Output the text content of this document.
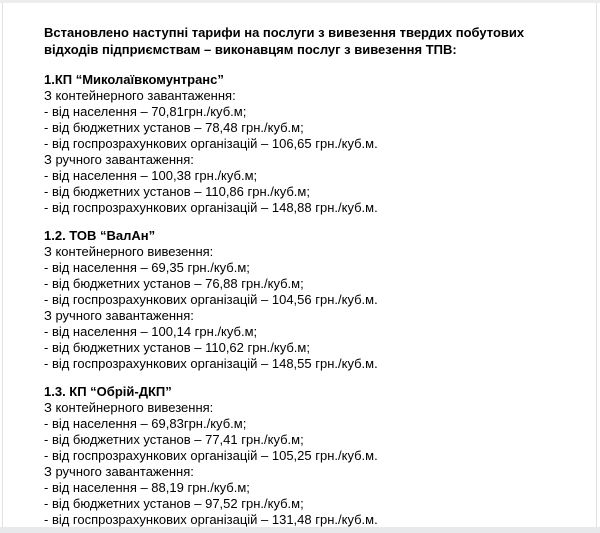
Встановлено наступні тарифи на послуги з вивезення твердих побутових відходів підприємствам – виконавцям послуг з вивезення ТПВ:

1.КП “Миколаївкомунтранс”
З контейнерного завантаження:
- від населення – 70,81грн./куб.м;
- від бюджетних установ – 78,48 грн./куб.м;
- від госпрозрахункових організацій – 106,65 грн./куб.м.
З ручного завантаження:
- від населення – 100,38 грн./куб.м;
- від бюджетних установ – 110,86 грн./куб.м;
- від госпрозрахункових організацій – 148,88 грн./куб.м.
1.2. ТОВ “ВалАн”
З контейнерного вивезення:
- від населення – 69,35 грн./куб.м;
- від бюджетних установ – 76,88 грн./куб.м;
- від госпрозрахункових організацій – 104,56 грн./куб.м.
З ручного завантаження:
- від населення – 100,14 грн./куб.м;
- від бюджетних установ – 110,62 грн./куб.м;
- від госпрозрахункових організацій – 148,55 грн./куб.м.
1.3. КП “Обрій-ДКП”
З контейнерного вивезення:
- від населення – 69,83грн./куб.м;
- від бюджетних установ – 77,41 грн./куб.м;
- від госпрозрахункових організацій – 105,25 грн./куб.м.
З ручного завантаження:
- від населення – 88,19 грн./куб.м;
- від бюджетних установ – 97,52 грн./куб.м;
- від госпрозрахункових організацій – 131,48 грн./куб.м.
